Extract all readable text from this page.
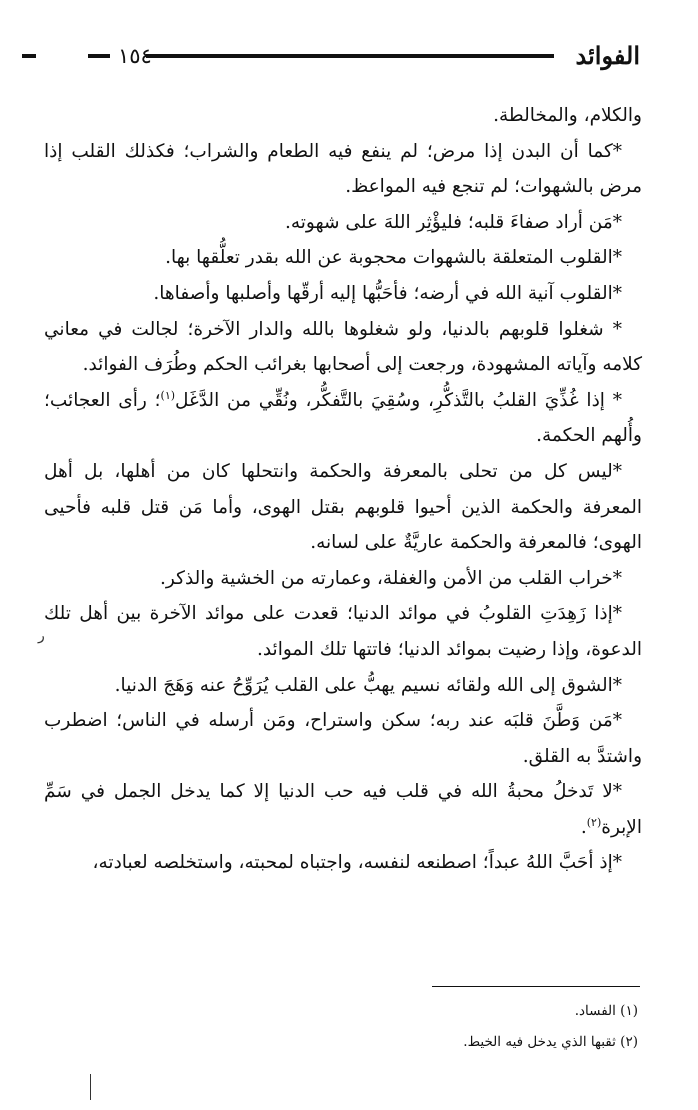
الفوائد
١٥٤

والكلام، والمخالطة.

*كما أن البدن إذا مرض؛ لم ينفع فيه الطعام والشراب؛ فكذلك القلب إذا مرض بالشهوات؛ لم تنجع فيه المواعظ.

*مَن أراد صفاءَ قلبه؛ فليؤْثِر اللهَ على شهوته.

*القلوب المتعلقة بالشهوات محجوبة عن الله بقدر تعلُّقها بها.

*القلوب آنية الله في أرضه؛ فأحَبُّها إليه أرقّها وأصلبها وأصفاها.

* شغلوا قلوبهم بالدنيا، ولو شغلوها بالله والدار الآخرة؛ لجالت في معاني كلامه وآياته المشهودة، ورجعت إلى أصحابها بغرائب الحكم وطُرَف الفوائد.

* إذا غُذِّيَ القلبُ بالتَّذكُّرِ، وسُقِيَ بالتَّفكُّر، ونُقِّي من الدَّغَل$^{(١)}$؛ رأى العجائب؛ وأُلهم الحكمة.

*ليس كل من تحلى بالمعرفة والحكمة وانتحلها كان من أهلها، بل أهل المعرفة والحكمة الذين أحيوا قلوبهم بقتل الهوى، وأما مَن قتل قلبه فأحيى الهوى؛ فالمعرفة والحكمة عاريَّةٌ على لسانه.

*خراب القلب من الأمن والغفلة، وعمارته من الخشية والذكر.

*إذا زَهِدَتِ القلوبُ في موائد الدنيا؛ قعدت على موائد الآخرة بين أهل تلك الدعوة، وإذا رضيت بموائد الدنيا؛ فاتتها تلك الموائد.

*الشوق إلى الله ولقائه نسيم يهبُّ على القلب يُرَوِّحُ عنه وَهَجَ الدنيا.

*مَن وَطَّنَ قلبَه عند ربه؛ سكن واستراح، ومَن أرسله في الناس؛ اضطرب واشتدَّ به القلق.

*لا تَدخلُ محبةُ الله في قلب فيه حب الدنيا إلا كما يدخل الجمل في سَمِّ الإبرة$^{(٢)}$.

*إذ أحَبَّ اللهُ عبداً؛ اصطنعه لنفسه، واجتباه لمحبته، واستخلصه لعبادته،

ر

(١) الفساد.

(٢) ثقبها الذي يدخل فيه الخيط.
